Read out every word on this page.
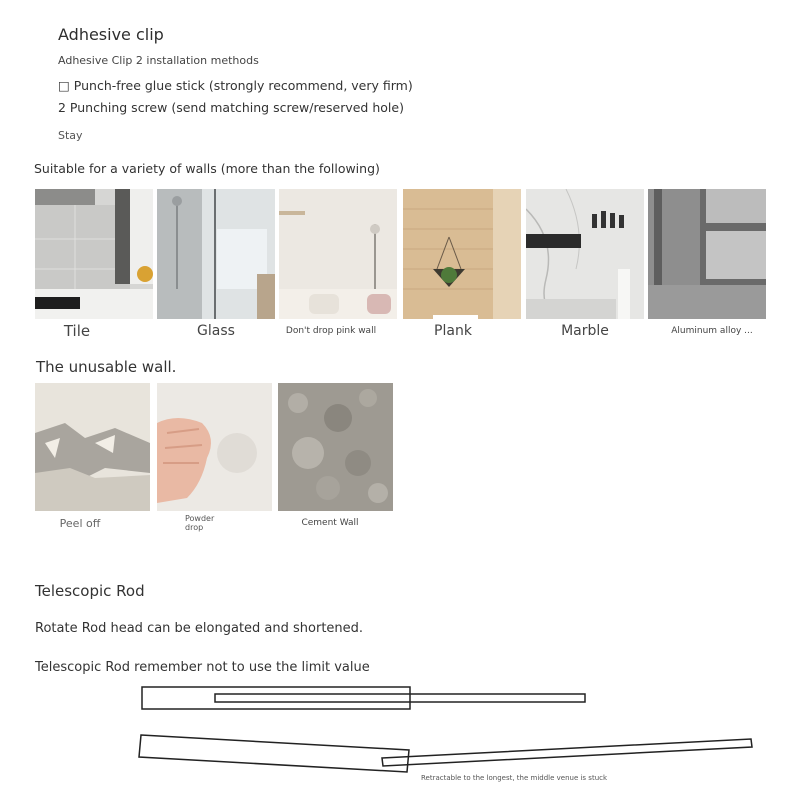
Adhesive clip
Adhesive Clip 2 installation methods
□ Punch-free glue stick (strongly recommend, very firm)
2 Punching screw (send matching screw/reserved hole)
Stay
Suitable for a variety of walls (more than the following)
Tile	Glass	Don't drop pink wall	Plank	Marble	Aluminum alloy ...
The unusable wall.
Peel off	Powder drop	Cement Wall
Telescopic Rod
Rotate Rod head can be elongated and shortened.
Telescopic Rod remember not to use the limit value
Retractable to the longest, the middle venue is stuck
